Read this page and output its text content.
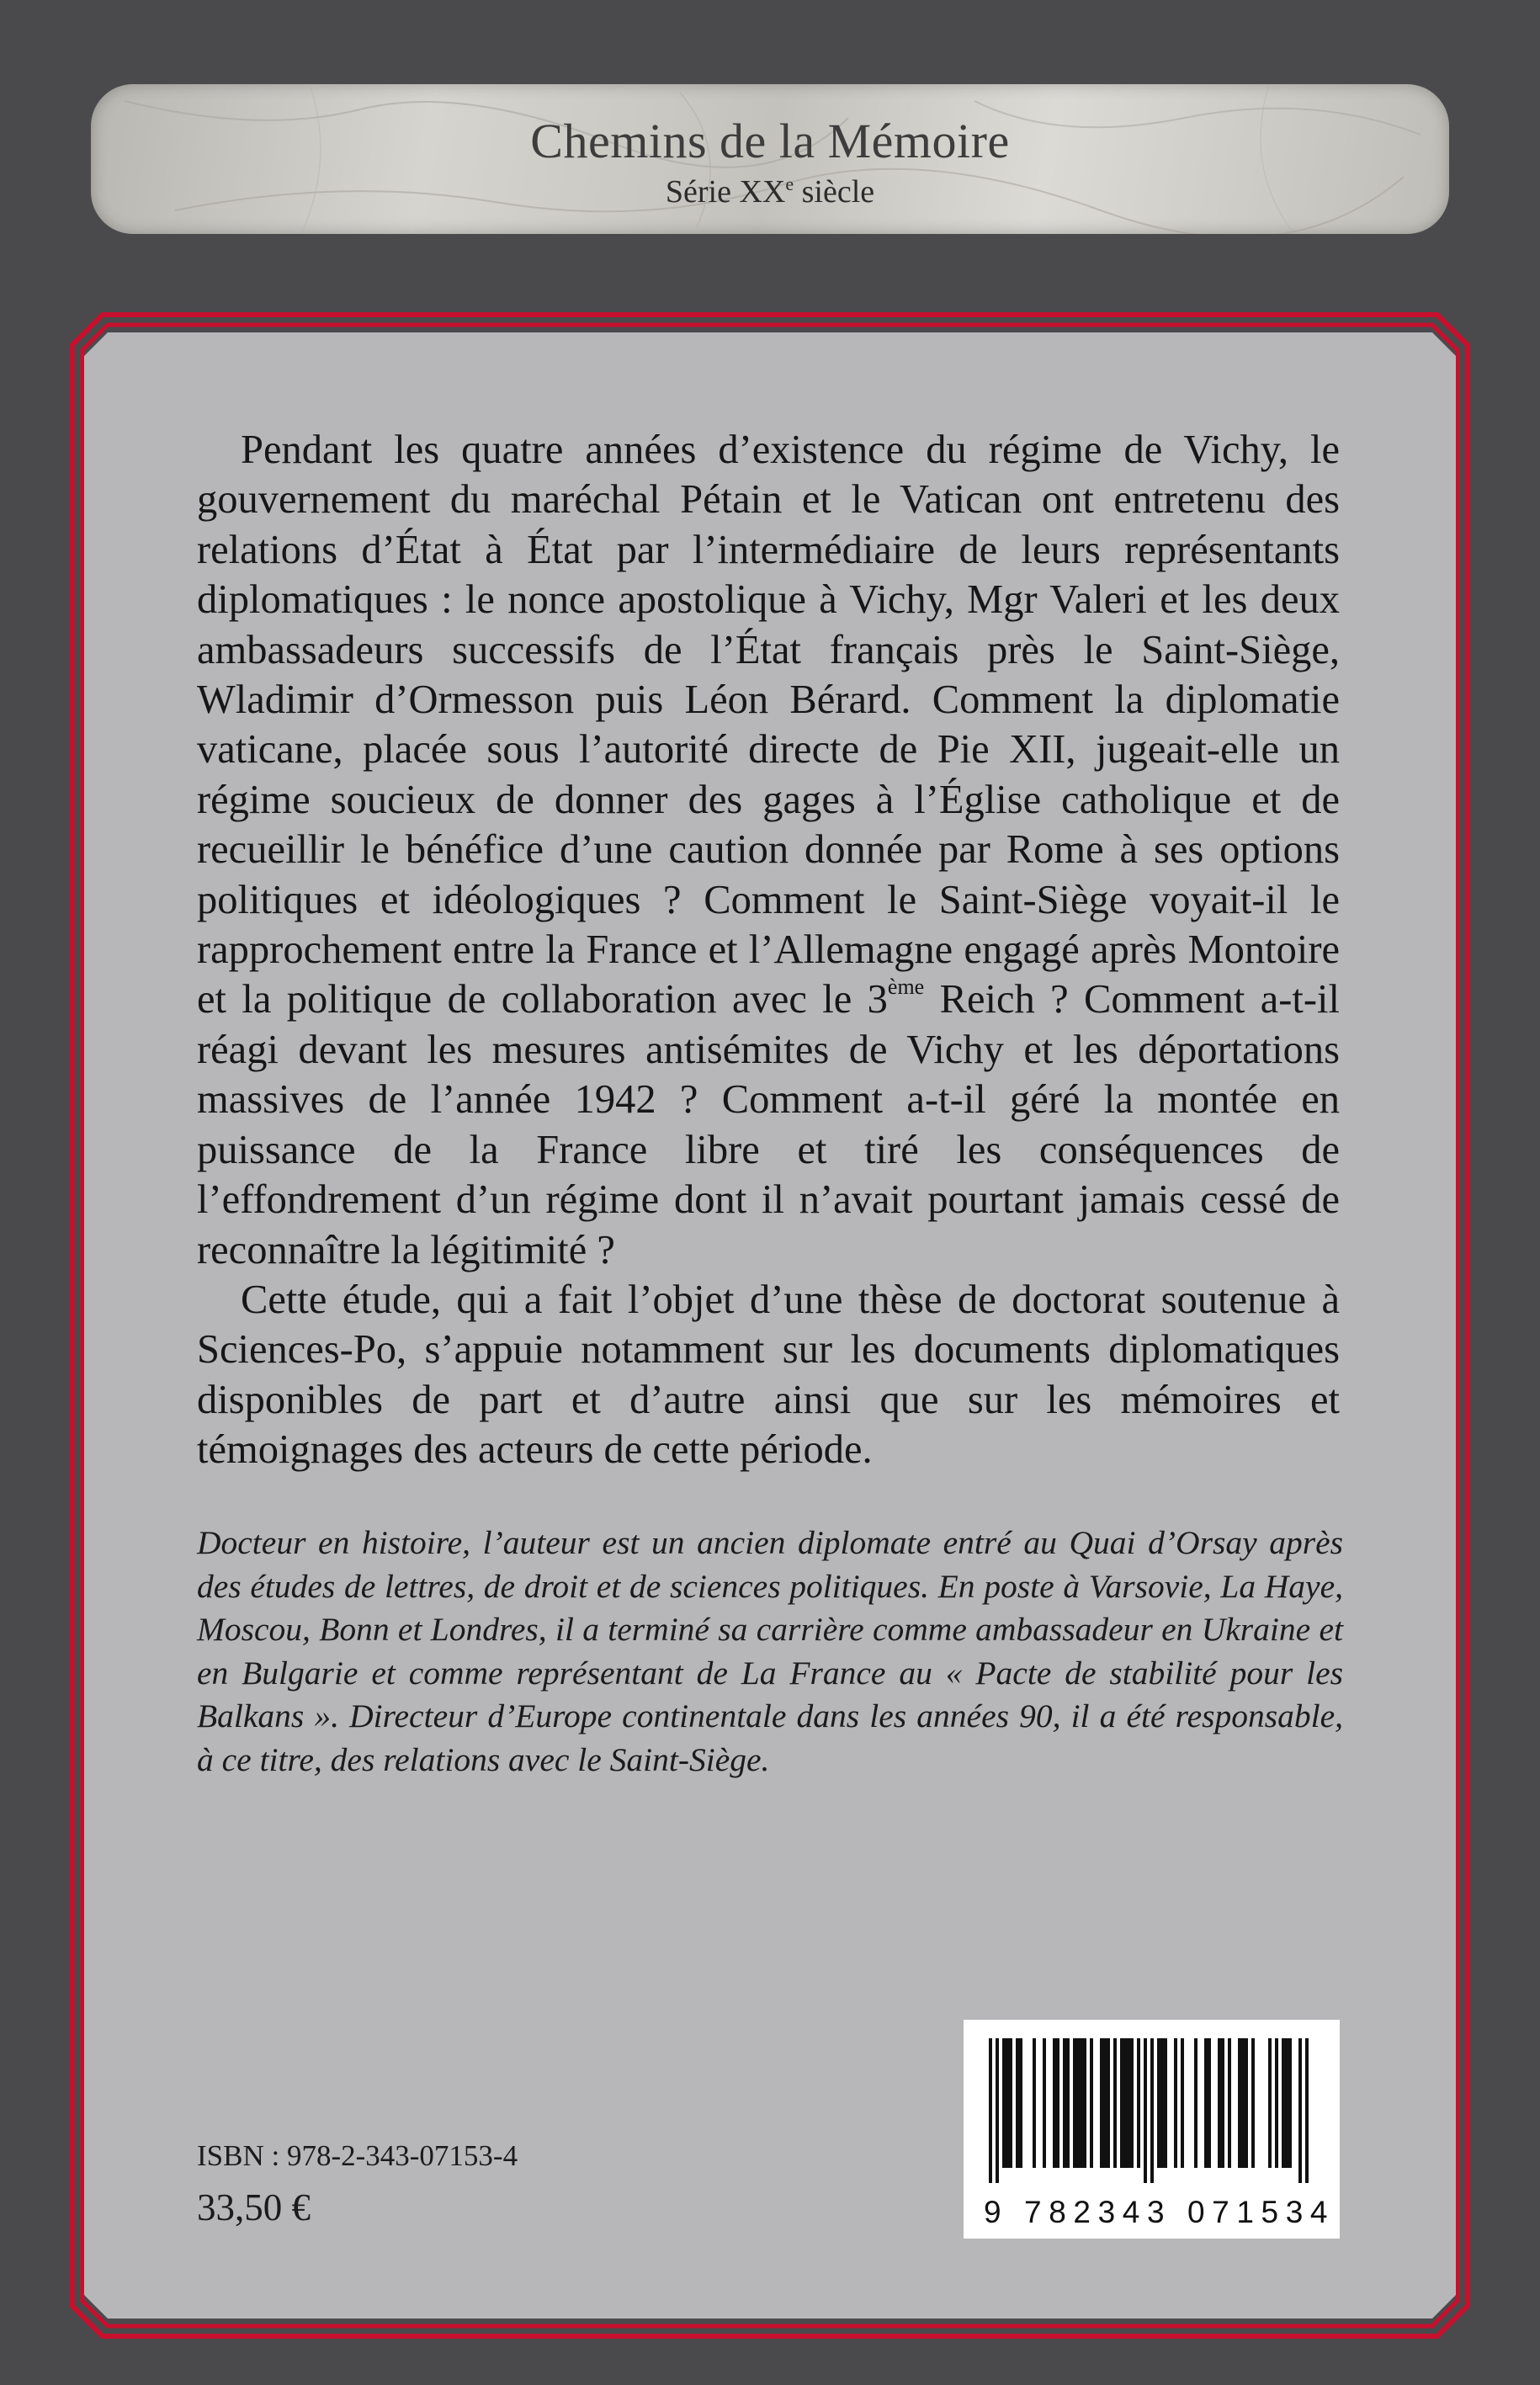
Chemins de la Mémoire
Série XXe siècle

Pendant les quatre années d’existence du régime de Vichy, le gouvernement du maréchal Pétain et le Vatican ont entretenu des relations d’État à État par l’intermédiaire de leurs représentants diplomatiques : le nonce apostolique à Vichy, Mgr Valeri et les deux ambassadeurs successifs de l’État français près le Saint-Siège, Wladimir d’Ormesson puis Léon Bérard. Comment la diplomatie vaticane, placée sous l’autorité directe de Pie XII, jugeait-elle un régime soucieux de donner des gages à l’Église catholique et de recueillir le bénéfice d’une caution donnée par Rome à ses options politiques et idéologiques ? Comment le Saint-Siège voyait-il le rapprochement entre la France et l’Allemagne engagé après Montoire et la politique de collaboration avec le 3ème Reich ? Comment a-t-il réagi devant les mesures antisémites de Vichy et les déportations massives de l’année 1942 ? Comment a-t-il géré la montée en puissance de la France libre et tiré les conséquences de l’effondrement d’un régime dont il n’avait pourtant jamais cessé de reconnaître la légitimité ?

Cette étude, qui a fait l’objet d’une thèse de doctorat soutenue à Sciences-Po, s’appuie notamment sur les documents diplomatiques disponibles de part et d’autre ainsi que sur les mémoires et témoignages des acteurs de cette période.

Docteur en histoire, l’auteur est un ancien diplomate entré au Quai d’Orsay après des études de lettres, de droit et de sciences politiques. En poste à Varsovie, La Haye, Moscou, Bonn et Londres, il a terminé sa carrière comme ambassadeur en Ukraine et en Bulgarie et comme représentant de La France au « Pacte de stabilité pour les Balkans ». Directeur d’Europe continentale dans les années 90, il a été responsable, à ce titre, des relations avec le Saint-Siège.

ISBN : 978-2-343-07153-4
33,50 €	9 782343 071534
